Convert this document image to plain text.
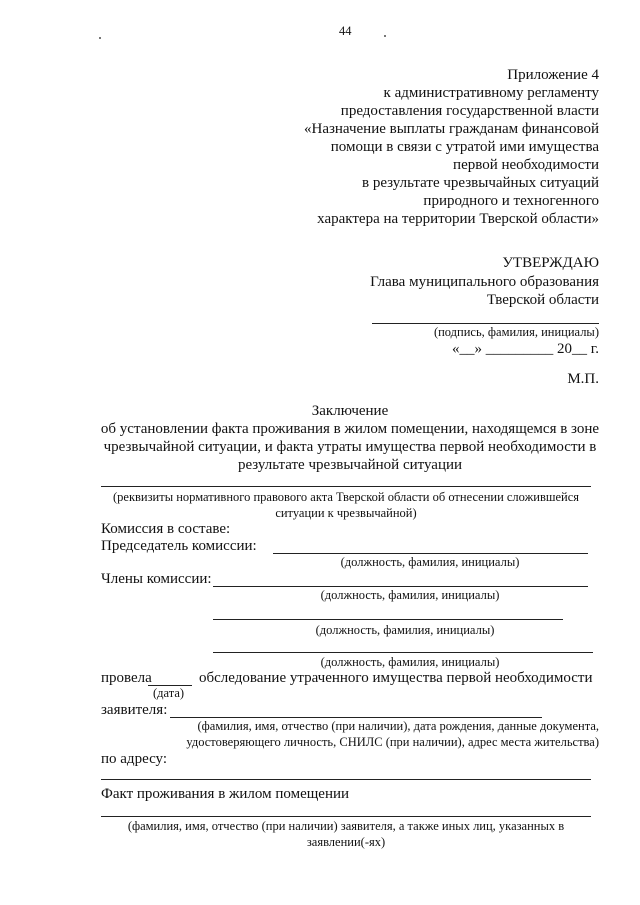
44
Приложение 4
к административному регламенту
предоставления государственной власти
«Назначение выплаты гражданам финансовой
помощи в связи с утратой ими имущества
первой необходимости
в результате чрезвычайных ситуаций
природного и техногенного
характера на территории Тверской области»
УТВЕРЖДАЮ
Глава муниципального образования
Тверской области
(подпись, фамилия, инициалы)
«__» _________ 20__ г.
М.П.
Заключение
об установлении факта проживания в жилом помещении, находящемся в зоне
чрезвычайной ситуации, и факта утраты имущества первой необходимости в
результате чрезвычайной ситуации
(реквизиты нормативного правового акта Тверской области об отнесении сложившейся
ситуации к чрезвычайной)
Комиссия в составе:
Председатель комиссии:
(должность, фамилия, инициалы)
Члены комиссии:
(должность, фамилия, инициалы)
(должность, фамилия, инициалы)
(должность, фамилия, инициалы)
провела	обследование утраченного имущества первой необходимости
(дата)
заявителя:
(фамилия, имя, отчество (при наличии), дата рождения, данные документа,
удостоверяющего личность, СНИЛС (при наличии), адрес места жительства)
по адресу:
Факт проживания в жилом помещении
(фамилия, имя, отчество (при наличии) заявителя, а также иных лиц, указанных в
заявлении(-ях)
